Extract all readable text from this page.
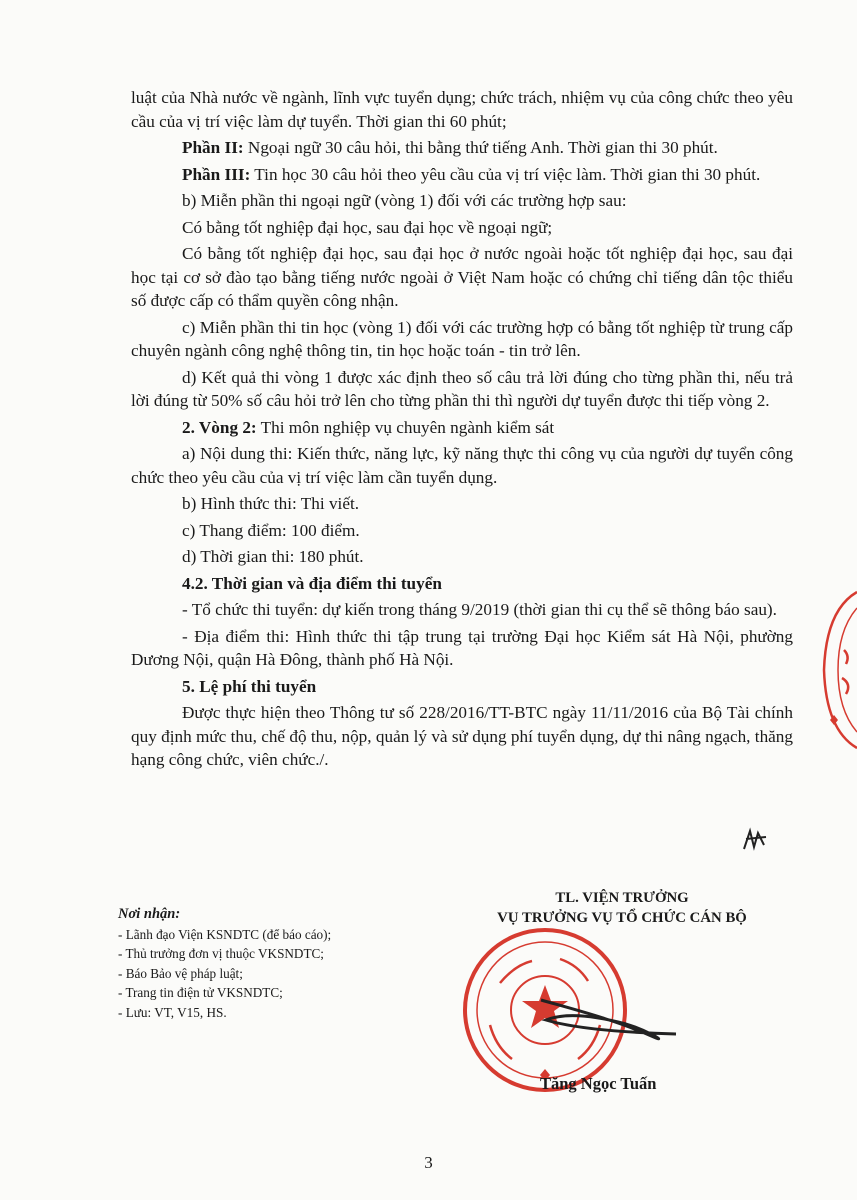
luật của Nhà nước về ngành, lĩnh vực tuyển dụng; chức trách, nhiệm vụ của công chức theo yêu cầu của vị trí việc làm dự tuyển. Thời gian thi 60 phút;

Phần II: Ngoại ngữ 30 câu hỏi, thi bằng thứ tiếng Anh. Thời gian thi 30 phút.

Phần III: Tin học 30 câu hỏi theo yêu cầu của vị trí việc làm. Thời gian thi 30 phút.

b) Miễn phần thi ngoại ngữ (vòng 1) đối với các trường hợp sau:

Có bằng tốt nghiệp đại học, sau đại học về ngoại ngữ;

Có bằng tốt nghiệp đại học, sau đại học ở nước ngoài hoặc tốt nghiệp đại học, sau đại học tại cơ sở đào tạo bằng tiếng nước ngoài ở Việt Nam hoặc có chứng chỉ tiếng dân tộc thiểu số được cấp có thẩm quyền công nhận.

c) Miễn phần thi tin học (vòng 1) đối với các trường hợp có bằng tốt nghiệp từ trung cấp chuyên ngành công nghệ thông tin, tin học hoặc toán - tin trở lên.

d) Kết quả thi vòng 1 được xác định theo số câu trả lời đúng cho từng phần thi, nếu trả lời đúng từ 50% số câu hỏi trở lên cho từng phần thi thì người dự tuyển được thi tiếp vòng 2.

2. Vòng 2: Thi môn nghiệp vụ chuyên ngành kiểm sát

a) Nội dung thi: Kiến thức, năng lực, kỹ năng thực thi công vụ của người dự tuyển công chức theo yêu cầu của vị trí việc làm cần tuyển dụng.

b) Hình thức thi: Thi viết.

c) Thang điểm: 100 điểm.

d) Thời gian thi: 180 phút.

4.2. Thời gian và địa điểm thi tuyển

- Tổ chức thi tuyển: dự kiến trong tháng 9/2019 (thời gian thi cụ thể sẽ thông báo sau).

- Địa điểm thi: Hình thức thi tập trung tại trường Đại học Kiểm sát Hà Nội, phường Dương Nội, quận Hà Đông, thành phố Hà Nội.

5. Lệ phí thi tuyển

Được thực hiện theo Thông tư số 228/2016/TT-BTC ngày 11/11/2016 của Bộ Tài chính quy định mức thu, chế độ thu, nộp, quản lý và sử dụng phí tuyển dụng, dự thi nâng ngạch, thăng hạng công chức, viên chức./.

Nơi nhận:
- Lãnh đạo Viện KSNDTC (để báo cáo);
- Thủ trưởng đơn vị thuộc VKSNDTC;
- Báo Bảo vệ pháp luật;
- Trang tin điện tử VKSNDTC;
- Lưu: VT, V15, HS.
TL. VIỆN TRƯỞNG
VỤ TRƯỞNG VỤ TỔ CHỨC CÁN BỘ
Tăng Ngọc Tuấn
3
